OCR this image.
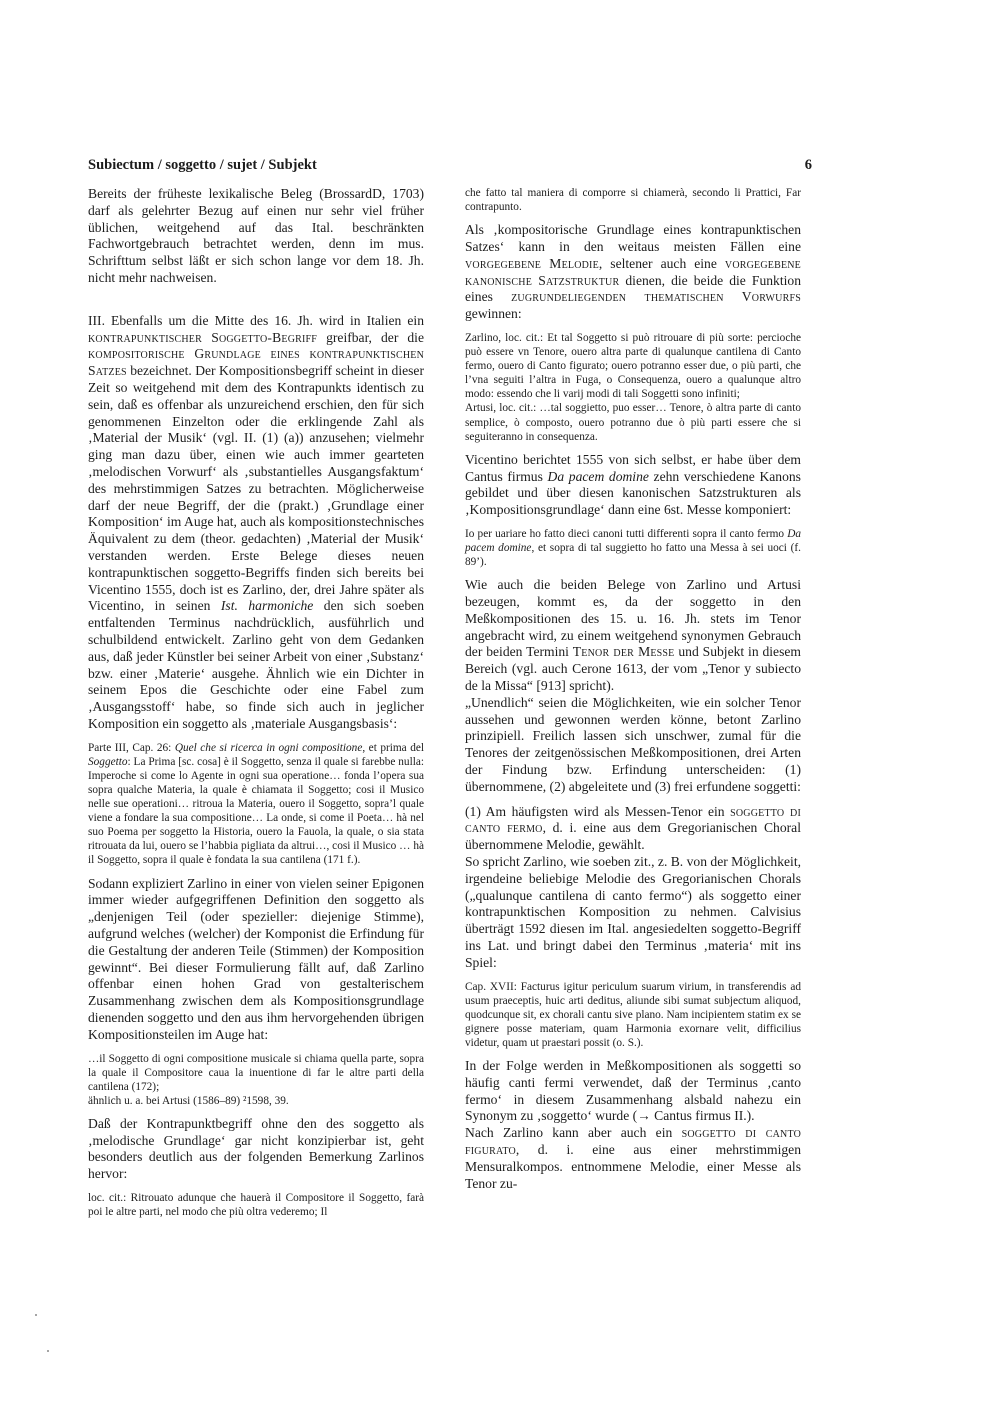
Subiectum / soggetto / sujet / Subjekt	6

Bereits der früheste lexikalische Beleg (BrossardD, 1703) darf als gelehrter Bezug auf einen nur sehr viel früher üblichen, weitgehend auf das Ital. beschränkten Fachwortgebrauch betrachtet werden, denn im mus. Schrifttum selbst läßt er sich schon lange vor dem 18. Jh. nicht mehr nachweisen.

III. Ebenfalls um die Mitte des 16. Jh. wird in Italien ein kontrapunktischer Soggetto-Begriff greifbar, der die kompositorische Grundlage eines kontrapunktischen Satzes bezeichnet. Der Kompositionsbegriff scheint in dieser Zeit so weitgehend mit dem des Kontrapunkts identisch zu sein, daß es offenbar als unzureichend erschien, den für sich genommenen Einzelton oder die erklingende Zahl als ‚Material der Musik‘ (vgl. II. (1) (a)) anzusehen; vielmehr ging man dazu über, einen wie auch immer gearteten ‚melodischen Vorwurf‘ als ‚substantielles Ausgangsfaktum‘ des mehrstimmigen Satzes zu betrachten. Möglicherweise darf der neue Begriff, der die (prakt.) ‚Grundlage einer Komposition‘ im Auge hat, auch als kompositionstechnisches Äquivalent zu dem (theor. gedachten) ‚Material der Musik‘ verstanden werden. Erste Belege dieses neuen kontrapunktischen soggetto-Begriffs finden sich bereits bei Vicentino 1555, doch ist es Zarlino, der, drei Jahre später als Vicentino, in seinen Ist. harmoniche den sich soeben entfaltenden Terminus nachdrücklich, ausführlich und schulbildend entwickelt. Zarlino geht von dem Gedanken aus, daß jeder Künstler bei seiner Arbeit von einer ‚Substanz‘ bzw. einer ‚Materie‘ ausgehe. Ähnlich wie ein Dichter in seinem Epos die Geschichte oder eine Fabel zum ‚Ausgangsstoff‘ habe, so finde sich auch in jeglicher Komposition ein soggetto als ‚materiale Ausgangsbasis‘:

Parte III, Cap. 26: Quel che si ricerca in ogni compositione, et prima del Soggetto: La Prima [sc. cosa] è il Soggetto, senza il quale si farebbe nulla: Imperoche si come lo Agente in ogni sua operatione… fonda l’opera sua sopra qualche Materia, la quale è chiamata il Soggetto; cosi il Musico nelle sue operationi… ritroua la Materia, ouero il Soggetto, sopra’l quale viene a fondare la sua compositione… La onde, si come il Poeta… hà nel suo Poema per soggetto la Historia, ouero la Fauola, la quale, o sia stata ritrouata da lui, ouero se l’habbia pigliata da altrui…, cosi il Musico … hà il Soggetto, sopra il quale è fondata la sua cantilena (171 f.).

Sodann expliziert Zarlino in einer von vielen seiner Epigonen immer wieder aufgegriffenen Definition den soggetto als „denjenigen Teil (oder spezieller: diejenige Stimme), aufgrund welches (welcher) der Komponist die Erfindung für die Gestaltung der anderen Teile (Stimmen) der Komposition gewinnt“. Bei dieser Formulierung fällt auf, daß Zarlino offenbar einen hohen Grad von gestalterischem Zusammenhang zwischen dem als Kompositionsgrundlage dienenden soggetto und den aus ihm hervorgehenden übrigen Kompositionsteilen im Auge hat:

…il Soggetto di ogni compositione musicale si chiama quella parte, sopra la quale il Compositore caua la inuentione di far le altre parti della cantilena (172);

ähnlich u. a. bei Artusi (1586–89) ²1598, 39.

Daß der Kontrapunktbegriff ohne den des soggetto als ‚melodische Grundlage‘ gar nicht konzipierbar ist, geht besonders deutlich aus der folgenden Bemerkung Zarlinos hervor:

loc. cit.: Ritrouato adunque che hauerà il Compositore il Soggetto, farà poi le altre parti, nel modo che più oltra vederemo; Il

che fatto tal maniera di comporre si chiamerà, secondo li Prattici, Far contrapunto.

Als ‚kompositorische Grundlage eines kontrapunktischen Satzes‘ kann in den weitaus meisten Fällen eine vorgegebene Melodie, seltener auch eine vorgegebene kanonische Satzstruktur dienen, die beide die Funktion eines zugrundeliegenden thematischen Vorwurfs gewinnen:

Zarlino, loc. cit.: Et tal Soggetto si può ritrouare di più sorte: percioche può essere vn Tenore, ouero altra parte di qualunque cantilena di Canto fermo, ouero di Canto figurato; ouero potranno esser due, o più parti, che l’vna seguiti l’altra in Fuga, o Consequenza, ouero a qualunque altro modo: essendo che li varij modi di tali Soggetti sono infiniti;

Artusi, loc. cit.: …tal soggietto, puo esser… Tenore, ò altra parte di canto semplice, ò composto, ouero potranno due ò più parti essere che si seguiteranno in consequenza.

Vicentino berichtet 1555 von sich selbst, er habe über dem Cantus firmus Da pacem domine zehn verschiedene Kanons gebildet und über diesen kanonischen Satzstrukturen als ‚Kompositionsgrundlage‘ dann eine 6st. Messe komponiert:

Io per uariare ho fatto dieci canoni tutti differenti sopra il canto fermo Da pacem domine, et sopra di tal suggietto ho fatto una Messa à sei uoci (f. 89’).

Wie auch die beiden Belege von Zarlino und Artusi bezeugen, kommt es, da der soggetto in den Meßkompositionen des 15. u. 16. Jh. stets im Tenor angebracht wird, zu einem weitgehend synonymen Gebrauch der beiden Termini Tenor der Messe und Subjekt in diesem Bereich (vgl. auch Cerone 1613, der vom „Tenor y subiecto de la Missa“ [913] spricht).

„Unendlich“ seien die Möglichkeiten, wie ein solcher Tenor aussehen und gewonnen werden könne, betont Zarlino prinzipiell. Freilich lassen sich unschwer, zumal für die Tenores der zeitgenössischen Meßkompositionen, drei Arten der Findung bzw. Erfindung unterscheiden: (1) übernommene, (2) abgeleitete und (3) frei erfundene soggetti:

(1) Am häufigsten wird als Messen-Tenor ein soggetto di canto fermo, d. i. eine aus dem Gregorianischen Choral übernommene Melodie, gewählt.

So spricht Zarlino, wie soeben zit., z. B. von der Möglichkeit, irgendeine beliebige Melodie des Gregorianischen Chorals („qualunque cantilena di canto fermo“) als soggetto einer kontrapunktischen Komposition zu nehmen. Calvisius überträgt 1592 diesen im Ital. angesiedelten soggetto-Begriff ins Lat. und bringt dabei den Terminus ‚materia‘ mit ins Spiel:

Cap. XVII: Facturus igitur periculum suarum virium, in transferendis ad usum praeceptis, huic arti deditus, aliunde sibi sumat subjectum aliquod, quodcunque sit, ex chorali cantu sive plano. Nam incipientem statim ex se gignere posse materiam, quam Harmonia exornare velit, difficilius videtur, quam ut praestari possit (o. S.).

In der Folge werden in Meßkompositionen als soggetti so häufig canti fermi verwendet, daß der Terminus ‚canto fermo‘ in diesem Zusammenhang alsbald nahezu ein Synonym zu ‚soggetto‘ wurde (→ Cantus firmus II.).

Nach Zarlino kann aber auch ein soggetto di canto figurato, d. i. eine aus einer mehrstimmigen Mensuralkompos. entnommene Melodie, einer Messe als Tenor zu-
